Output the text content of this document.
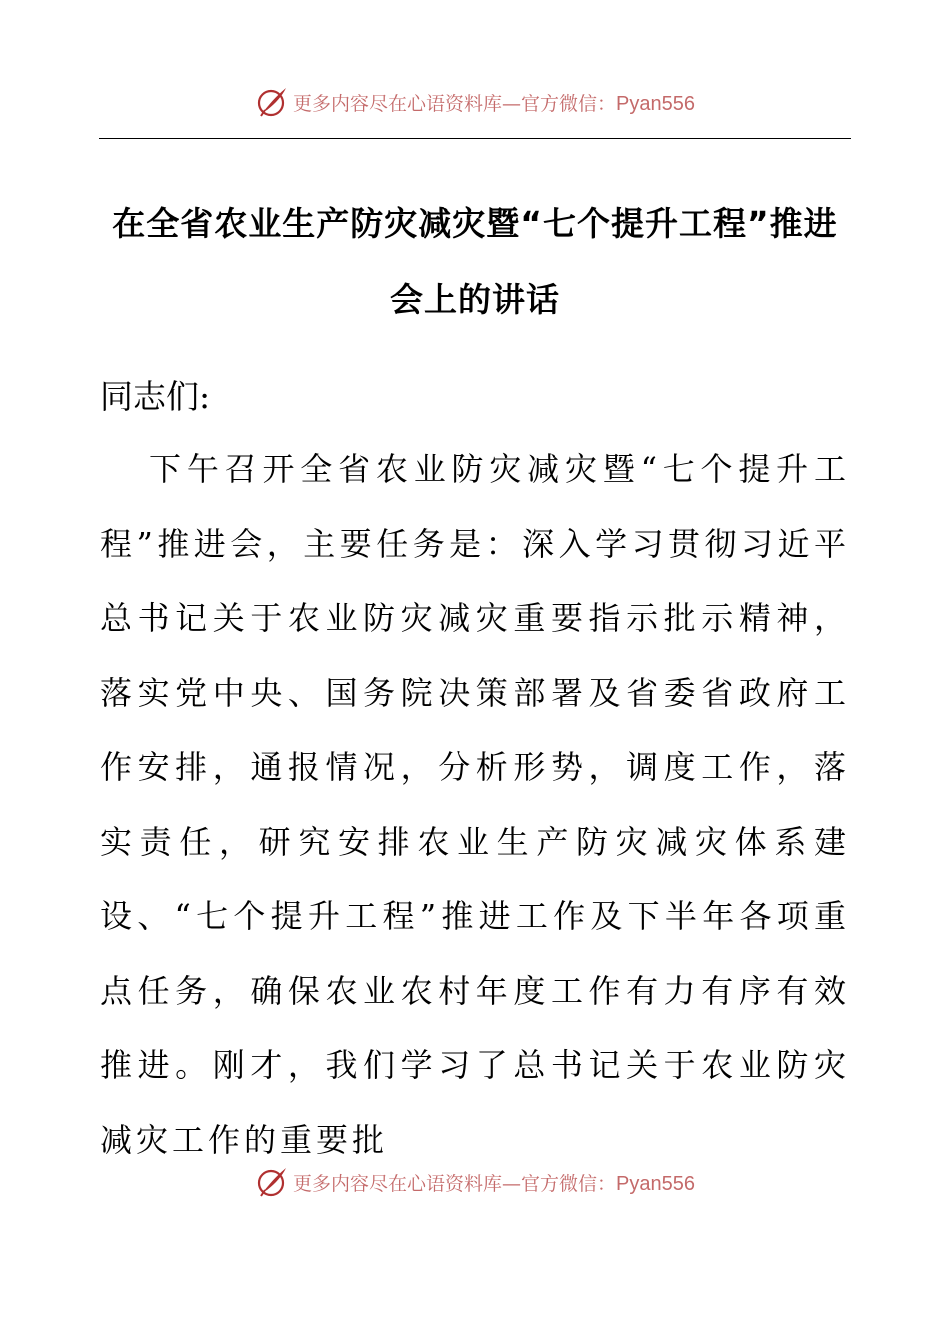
更多内容尽在心语资料库—官方微信：Pyan556
在全省农业生产防灾减灾暨“七个提升工程”推进会上的讲话

同志们:

下午召开全省农业防灾减灾暨“七个提升工程”推进会，主要任务是：深入学习贯彻习近平总书记关于农业防灾减灾重要指示批示精神，落实党中央、国务院决策部署及省委省政府工作安排，通报情况，分析形势，调度工作，落实责任，研究安排农业生产防灾减灾体系建设、“七个提升工程”推进工作及下半年各项重点任务，确保农业农村年度工作有力有序有效推进。刚才，我们学习了总书记关于农业防灾减灾工作的重要批

更多内容尽在心语资料库—官方微信：Pyan556
